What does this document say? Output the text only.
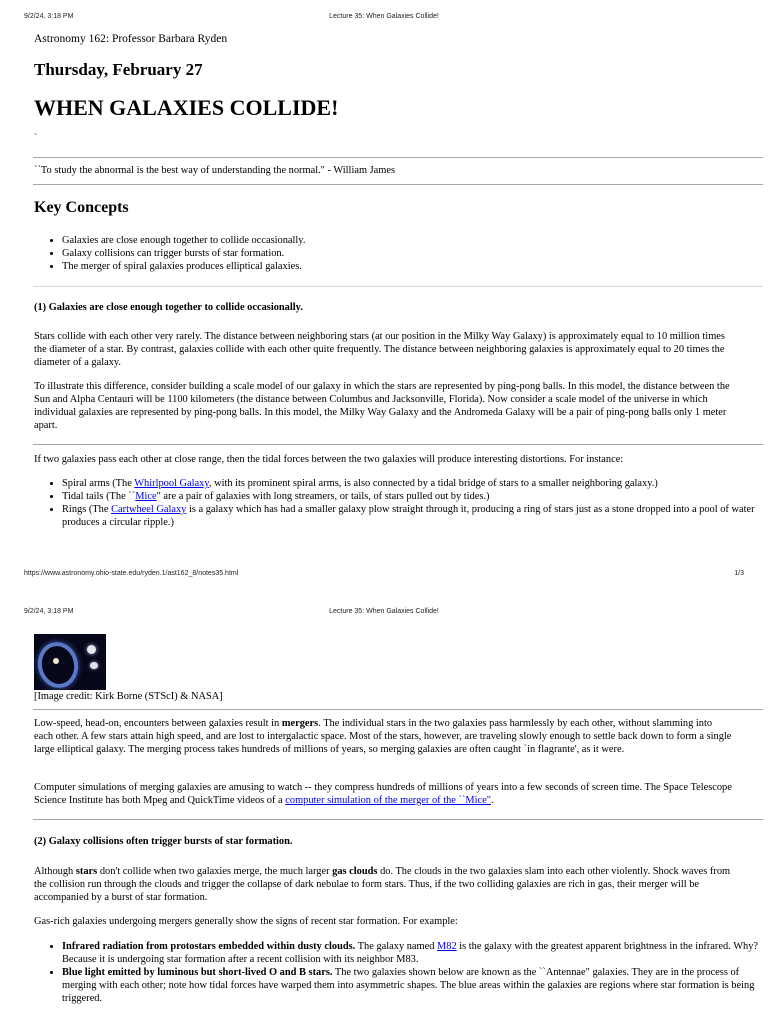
9/2/24, 3:18 PM	Lecture 35: When Galaxies Collide!
Astronomy 162: Professor Barbara Ryden
Thursday, February 27
WHEN GALAXIES COLLIDE!
`
``To study the abnormal is the best way of understanding the normal." - William James
Key Concepts
• Galaxies are close enough together to collide occasionally.
• Galaxy collisions can trigger bursts of star formation.
• The merger of spiral galaxies produces elliptical galaxies.
(1) Galaxies are close enough together to collide occasionally.
Stars collide with each other very rarely. The distance between neighboring stars (at our position in the Milky Way Galaxy) is approximately equal to 10 million times the diameter of a star. By contrast, galaxies collide with each other quite frequently. The distance between neighboring galaxies is approximately equal to 20 times the diameter of a galaxy.
To illustrate this difference, consider building a scale model of our galaxy in which the stars are represented by ping-pong balls. In this model, the distance between the Sun and Alpha Centauri will be 1100 kilometers (the distance between Columbus and Jacksonville, Florida). Now consider a scale model of the universe in which individual galaxies are represented by ping-pong balls. In this model, the Milky Way Galaxy and the Andromeda Galaxy will be a pair of ping-pong balls only 1 meter apart.
If two galaxies pass each other at close range, then the tidal forces between the two galaxies will produce interesting distortions. For instance:
• Spiral arms (The Whirlpool Galaxy, with its prominent spiral arms, is also connected by a tidal bridge of stars to a smaller neighboring galaxy.)
• Tidal tails (The ``Mice" are a pair of galaxies with long streamers, or tails, of stars pulled out by tides.)
• Rings (The Cartwheel Galaxy is a galaxy which has had a smaller galaxy plow straight through it, producing a ring of stars just as a stone dropped into a pool of water produces a circular ripple.)
https://www.astronomy.ohio-state.edu/ryden.1/ast162_8/notes35.html	1/3
9/2/24, 3:18 PM	Lecture 35: When Galaxies Collide!
[Image credit: Kirk Borne (STScI) & NASA]
Low-speed, head-on, encounters between galaxies result in mergers. The individual stars in the two galaxies pass harmlessly by each other, without slamming into each other. A few stars attain high speed, and are lost to intergalactic space. Most of the stars, however, are traveling slowly enough to settle back down to form a single large elliptical galaxy. The merging process takes hundreds of millions of years, so merging galaxies are often caught `in flagrante', as it were.
Computer simulations of merging galaxies are amusing to watch -- they compress hundreds of millions of years into a few seconds of screen time. The Space Telescope Science Institute has both Mpeg and QuickTime videos of a computer simulation of the merger of the ``Mice".
(2) Galaxy collisions often trigger bursts of star formation.
Although stars don't collide when two galaxies merge, the much larger gas clouds do. The clouds in the two galaxies slam into each other violently. Shock waves from the collision run through the clouds and trigger the collapse of dark nebulae to form stars. Thus, if the two colliding galaxies are rich in gas, their merger will be accompanied by a burst of star formation.
Gas-rich galaxies undergoing mergers generally show the signs of recent star formation. For example:
• Infrared radiation from protostars embedded within dusty clouds. The galaxy named M82 is the galaxy with the greatest apparent brightness in the infrared. Why? Because it is undergoing star formation after a recent collision with its neighbor M83.
• Blue light emitted by luminous but short-lived O and B stars. The two galaxies shown below are known as the ``Antennae" galaxies. They are in the process of merging with each other; note how tidal forces have warped them into asymmetric shapes. The blue areas within the galaxies are regions where star formation is being triggered.
